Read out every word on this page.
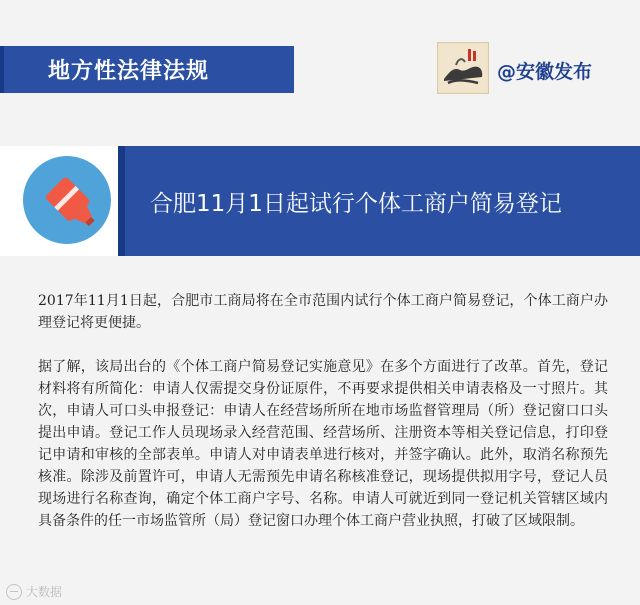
地方性法律法规	@安徽发布
合肥11月1日起试行个体工商户简易登记

2017年11月1日起，合肥市工商局将在全市范围内试行个体工商户简易登记，个体工商户办理登记将更便捷。

据了解，该局出台的《个体工商户简易登记实施意见》在多个方面进行了改革。首先，登记材料将有所简化：申请人仅需提交身份证原件，不再要求提供相关申请表格及一寸照片。其次，申请人可口头申报登记：申请人在经营场所所在地市场监督管理局（所）登记窗口口头提出申请。登记工作人员现场录入经营范围、经营场所、注册资本等相关登记信息，打印登记申请和审核的全部表单。申请人对申请表单进行核对，并签字确认。此外，取消名称预先核准。除涉及前置许可，申请人无需预先申请名称核准登记，现场提供拟用字号，登记人员现场进行名称查询，确定个体工商户字号、名称。申请人可就近到同一登记机关管辖区域内具备条件的任一市场监管所（局）登记窗口办理个体工商户营业执照，打破了区域限制。

大数据
